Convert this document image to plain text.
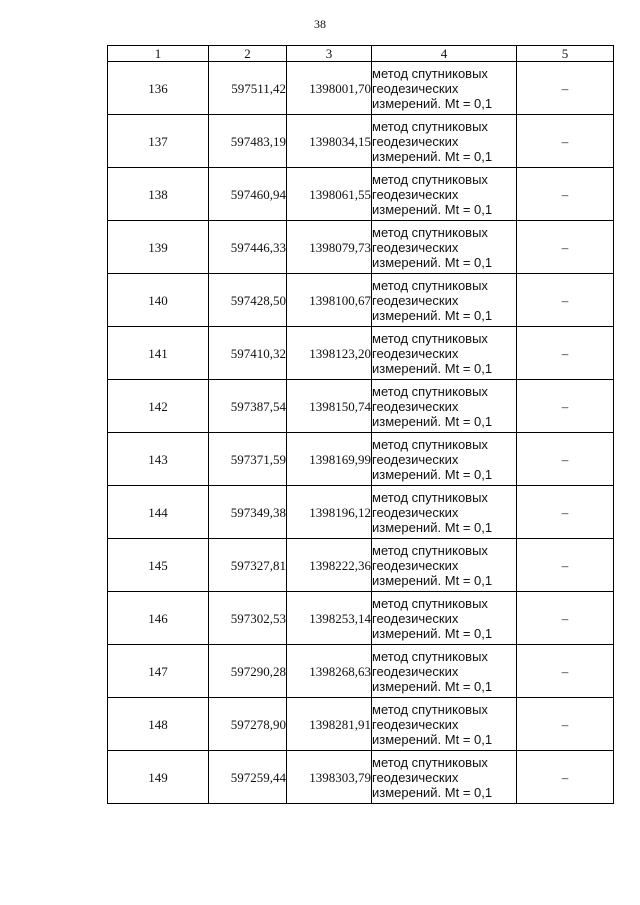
38
1	2	3	4	5
136	597511,42	1398001,70	метод спутниковых
геодезических
измерений. Mt = 0,1	–
137	597483,19	1398034,15	метод спутниковых
геодезических
измерений. Mt = 0,1	–
138	597460,94	1398061,55	метод спутниковых
геодезических
измерений. Mt = 0,1	–
139	597446,33	1398079,73	метод спутниковых
геодезических
измерений. Mt = 0,1	–
140	597428,50	1398100,67	метод спутниковых
геодезических
измерений. Mt = 0,1	–
141	597410,32	1398123,20	метод спутниковых
геодезических
измерений. Mt = 0,1	–
142	597387,54	1398150,74	метод спутниковых
геодезических
измерений. Mt = 0,1	–
143	597371,59	1398169,99	метод спутниковых
геодезических
измерений. Mt = 0,1	–
144	597349,38	1398196,12	метод спутниковых
геодезических
измерений. Mt = 0,1	–
145	597327,81	1398222,36	метод спутниковых
геодезических
измерений. Mt = 0,1	–
146	597302,53	1398253,14	метод спутниковых
геодезических
измерений. Mt = 0,1	–
147	597290,28	1398268,63	метод спутниковых
геодезических
измерений. Mt = 0,1	–
148	597278,90	1398281,91	метод спутниковых
геодезических
измерений. Mt = 0,1	–
149	597259,44	1398303,79	метод спутниковых
геодезических
измерений. Mt = 0,1	–
